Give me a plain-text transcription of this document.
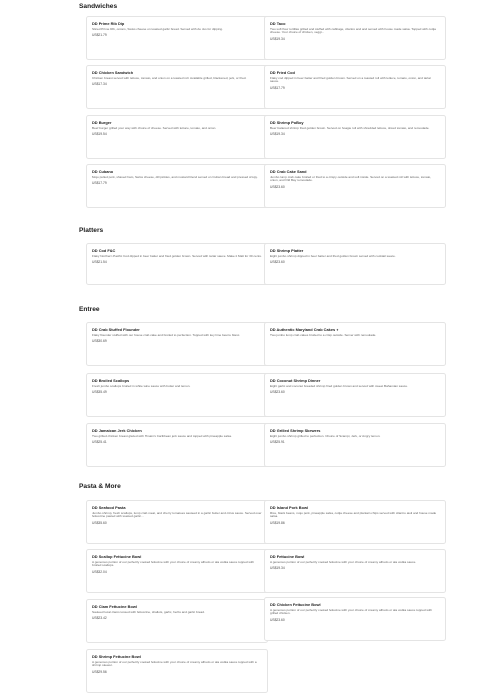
Sandwiches
DD Prime Rib Dip
Sliced Prime Rib, onions, Swiss cheese on toasted garlic bread. Served with Au Jus for dipping.
US$21.79
DD Taco
Two soft flour tortillas grilled and stuffed with cabbage, cilantro and and served with house made salsa. Topped with cotija cheese. Your choice of chicken, veggi...
US$19.34
DD Chicken Sandwich
Chicken breast served with lettuce, tomato, and onion on a toasted roll. Available grilled, blackened, jerk, or fried.
US$17.34
DD Fried Cod
Flaky cod dipped in beer batter and fried golden brown. Served on a toasted roll with lettuce, tomato, onion, and tartar sauce.
US$17.79
DD Burger
Beef burger grilled your way with choice of cheese. Served with lettuce, tomato, and onion.
US$19.54
DD Shrimp PoBoy
Beer battered shrimp fried golden brown. Served on hoagie roll with shredded lettuce, sliced tomato, and remoulade.
US$19.34
DD Cubano
Mojo pulled pork, shaved ham, Swiss cheese, dill pickles, and mustard blend served on Cuban bread and pressed crispy.
US$17.79
DD Crab Cake Sand
Jumbo lump crab cake broiled or fried to a crispy outside and soft inside. Served on a toasted roll with lettuce, tomato, onion, and Old Bay remoulade.
US$23.60
Platters
DD Cod F&C
Flaky Northern Pacific Cod dipped in beer batter and fried golden brown. Served with tartar sauce. Make it Malt for 30 cents.
US$21.54
DD Shrimp Platter
Eight jumbo shrimp dipped in beer batter and fried golden brown served with cocktail sauce.
US$23.60
Entree
DD Crab Stuffed Flounder
Flaky flounder stuffed with our house crab cake and broiled to perfection. Topped with key lime beurre blanc.
US$30.69
DD Authentic Maryland Crab Cakes✦
Two jumbo lump crab cakes broiled to a crisp outside. Server with remoulade.
DD Broiled Scallops
Fresh jumbo scallops broiled in white wine sauce with butter and lemon.
US$35.49
DD Coconut Shrimp Dinner
Eight garlic and coconut breaded shrimp fried golden brown and served with sweet Bahamian sauce.
US$23.60
DD Jamaican Jerk Chicken
Two grilled chicken breast glazed with Hmain's Caribbean jerk sauce and topped with pineapple salsa.
US$25.41
DD Grilled Shrimp Skewers
Eight jumbo shrimp grilled to perfection. Choice of Scampi, Jerk, or Angry lemon.
US$25.91
Pasta & More
DD Seafood Pasta
Jumbo shrimp, fresh scallops, lump crab meat, and cherry tomatoes sauteed in a garlic butter and citrus sauce. Served over fettuccine pasted with toasted garlic...
US$35.60
DD Island Pork Bowl
Rice, black beans, mojo pork, pineapple salsa, cotija cheese and plantain chips served with cilantro aioli and house made salsa.
US$19.86
DD Scallop Fettucine Bowl
A generous portion of our perfectly cooked fettucine with your choice of creamy alfredo or ala vodka sauce topped with broiled scallops.
US$32.04
DD Fettucine Bowl
A generous portion of our perfectly cooked fettucine with your choice of creamy alfredo or ala vodka sauce.
US$19.34
DD Clam Fettucine Bowl
Sauteed local clams tossed with fettuccine, shallots, garlic, herbs and garlic bread.
US$23.42
DD Chicken Fettucine Bowl
A generous portion of our perfectly cooked fettucine with your choice of creamy alfredo or ala vodka sauce topped with grilled chicken.
US$23.60
DD Shrimp Fettucine Bowl
A generous portion of our perfectly cooked fettucine with your choice of creamy alfredo or ala vodka sauce topped with a shrimp skewer.
US$29.56
